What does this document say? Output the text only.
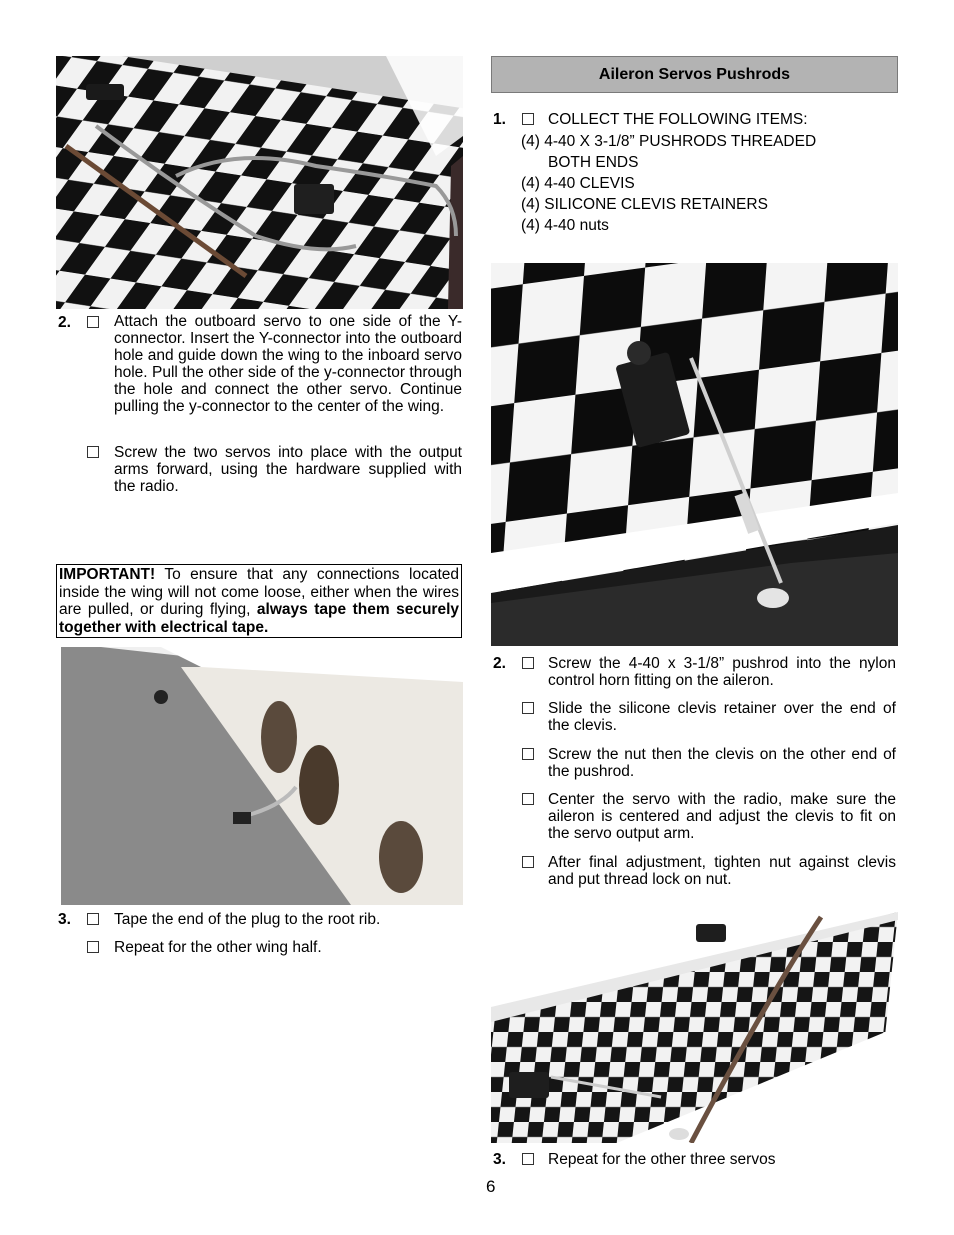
2.	Attach the outboard servo to one side of the Y-connector. Insert the Y-connector into the outboard hole and guide down the wing to the inboard servo hole. Pull the other side of the y-connector through the hole and connect the other servo. Continue pulling the y-connector to the center of the wing.
Screw the two servos into place with the output arms forward, using the hardware supplied with the radio.
IMPORTANT! To ensure that any connections located inside the wing will not come loose, either when the wires are pulled, or during flying, always tape them securely together with electrical tape.
3.	Tape the end of the plug to the root rib.
Repeat for the other wing half.
Aileron Servos Pushrods
1.	COLLECT THE FOLLOWING ITEMS:
(4) 4-40 X 3-1/8” PUSHRODS THREADED
BOTH ENDS
(4) 4-40 CLEVIS
(4) SILICONE CLEVIS RETAINERS
(4) 4-40 nuts
2.	Screw the 4-40 x 3-1/8” pushrod into the nylon control horn fitting on the aileron.
Slide the silicone clevis retainer over the end of the clevis.
Screw the nut then the clevis on the other end of the pushrod.
Center the servo with the radio, make sure the aileron is centered and adjust the clevis to fit on the servo output arm.
After final adjustment, tighten nut against clevis and put thread lock on nut.
3.	Repeat for the other three servos
6
